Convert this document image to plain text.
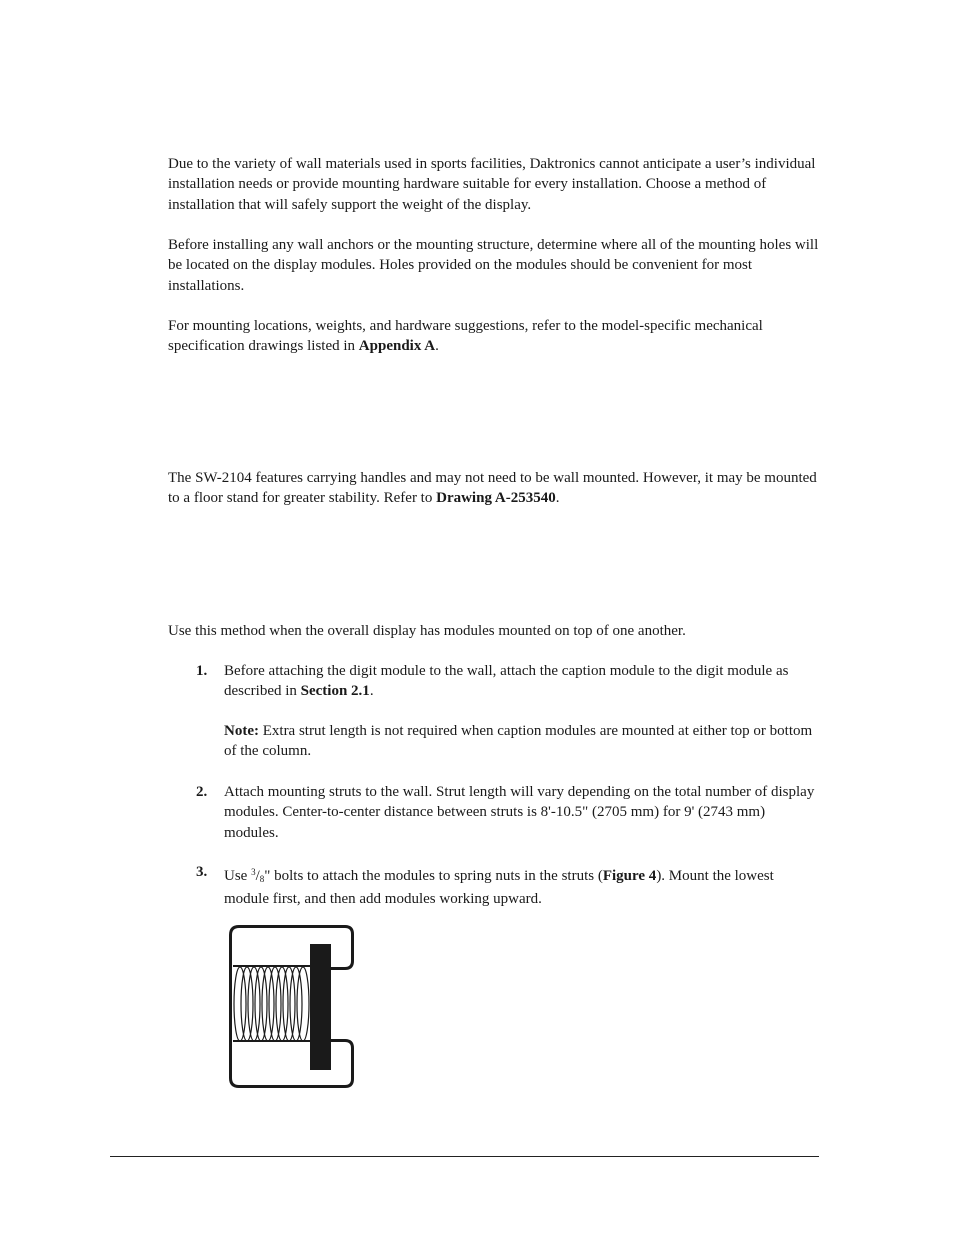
Due to the variety of wall materials used in sports facilities, Daktronics cannot anticipate a user’s individual installation needs or provide mounting hardware suitable for every installation. Choose a method of installation that will safely support the weight of the display.

Before installing any wall anchors or the mounting structure, determine where all of the mounting holes will be located on the display modules. Holes provided on the modules should be convenient for most installations.

For mounting locations, weights, and hardware suggestions, refer to the model-specific mechanical specification drawings listed in Appendix A.

The SW-2104 features carrying handles and may not need to be wall mounted. However, it may be mounted to a floor stand for greater stability. Refer to Drawing A-253540.

Use this method when the overall display has modules mounted on top of one another.

1. Before attaching the digit module to the wall, attach the caption module to the digit module as described in Section 2.1.
Note: Extra strut length is not required when caption modules are mounted at either top or bottom of the column.
2. Attach mounting struts to the wall. Strut length will vary depending on the total number of display modules. Center-to-center distance between struts is 8'-10.5" (2705 mm) for 9' (2743 mm) modules.
3. Use $^3$/8" bolts to attach the modules to spring nuts in the struts (Figure 4). Mount the lowest module first, and then add modules working upward.
